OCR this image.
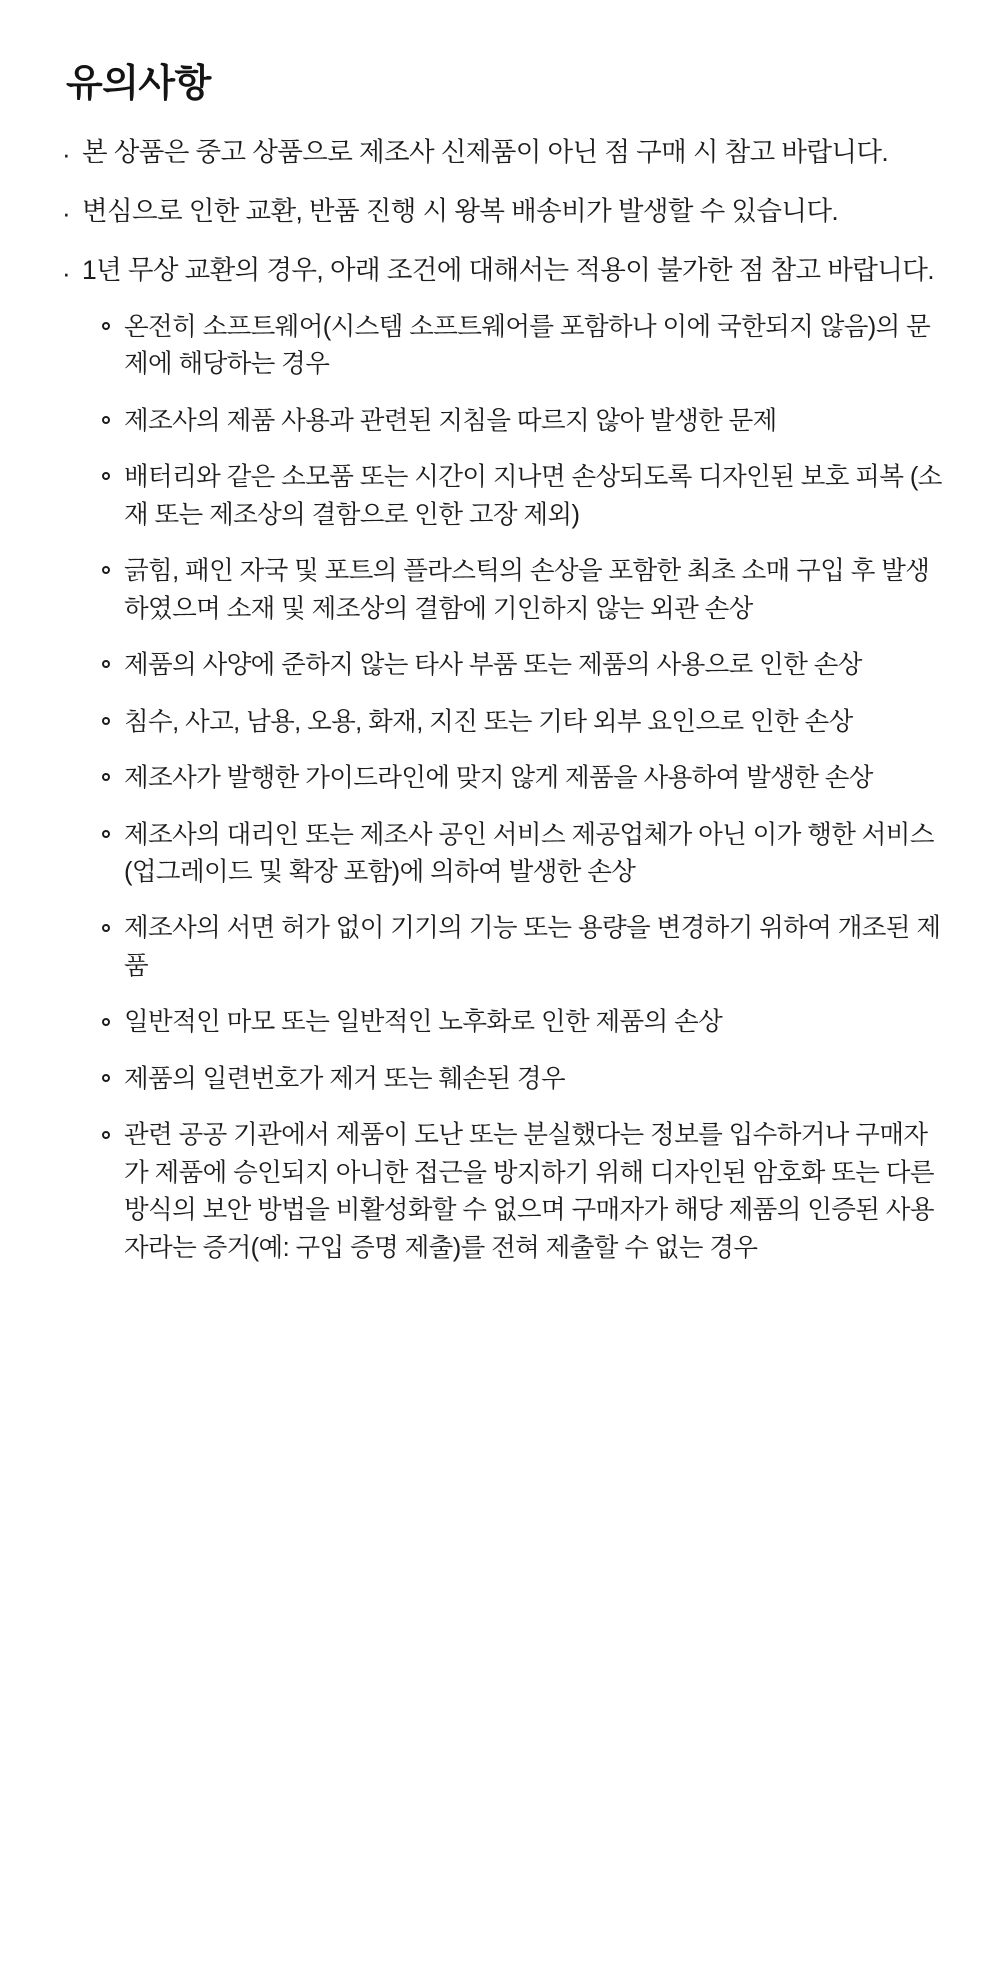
유의사항
· 본 상품은 중고 상품으로 제조사 신제품이 아닌 점 구매 시 참고 바랍니다.
· 변심으로 인한 교환, 반품 진행 시 왕복 배송비가 발생할 수 있습니다.
· 1년 무상 교환의 경우, 아래 조건에 대해서는 적용이 불가한 점 참고 바랍니다.
온전히 소프트웨어(시스템 소프트웨어를 포함하나 이에 국한되지 않음)의 문제에 해당하는 경우
제조사의 제품 사용과 관련된 지침을 따르지 않아 발생한 문제
배터리와 같은 소모품 또는 시간이 지나면 손상되도록 디자인된 보호 피복 (소재 또는 제조상의 결함으로 인한 고장 제외)
긁힘, 패인 자국 및 포트의 플라스틱의 손상을 포함한 최초 소매 구입 후 발생하였으며 소재 및 제조상의 결함에 기인하지 않는 외관 손상
제품의 사양에 준하지 않는 타사 부품 또는 제품의 사용으로 인한 손상
침수, 사고, 남용, 오용, 화재, 지진 또는 기타 외부 요인으로 인한 손상
제조사가 발행한 가이드라인에 맞지 않게 제품을 사용하여 발생한 손상
제조사의 대리인 또는 제조사 공인 서비스 제공업체가 아닌 이가 행한 서비스(업그레이드 및 확장 포함)에 의하여 발생한 손상
제조사의 서면 허가 없이 기기의 기능 또는 용량을 변경하기 위하여 개조된 제품
일반적인 마모 또는 일반적인 노후화로 인한 제품의 손상
제품의 일련번호가 제거 또는 훼손된 경우
관련 공공 기관에서 제품이 도난 또는 분실했다는 정보를 입수하거나 구매자가 제품에 승인되지 아니한 접근을 방지하기 위해 디자인된 암호화 또는 다른 방식의 보안 방법을 비활성화할 수 없으며 구매자가 해당 제품의 인증된 사용자라는 증거(예: 구입 증명 제출)를 전혀 제출할 수 없는 경우
